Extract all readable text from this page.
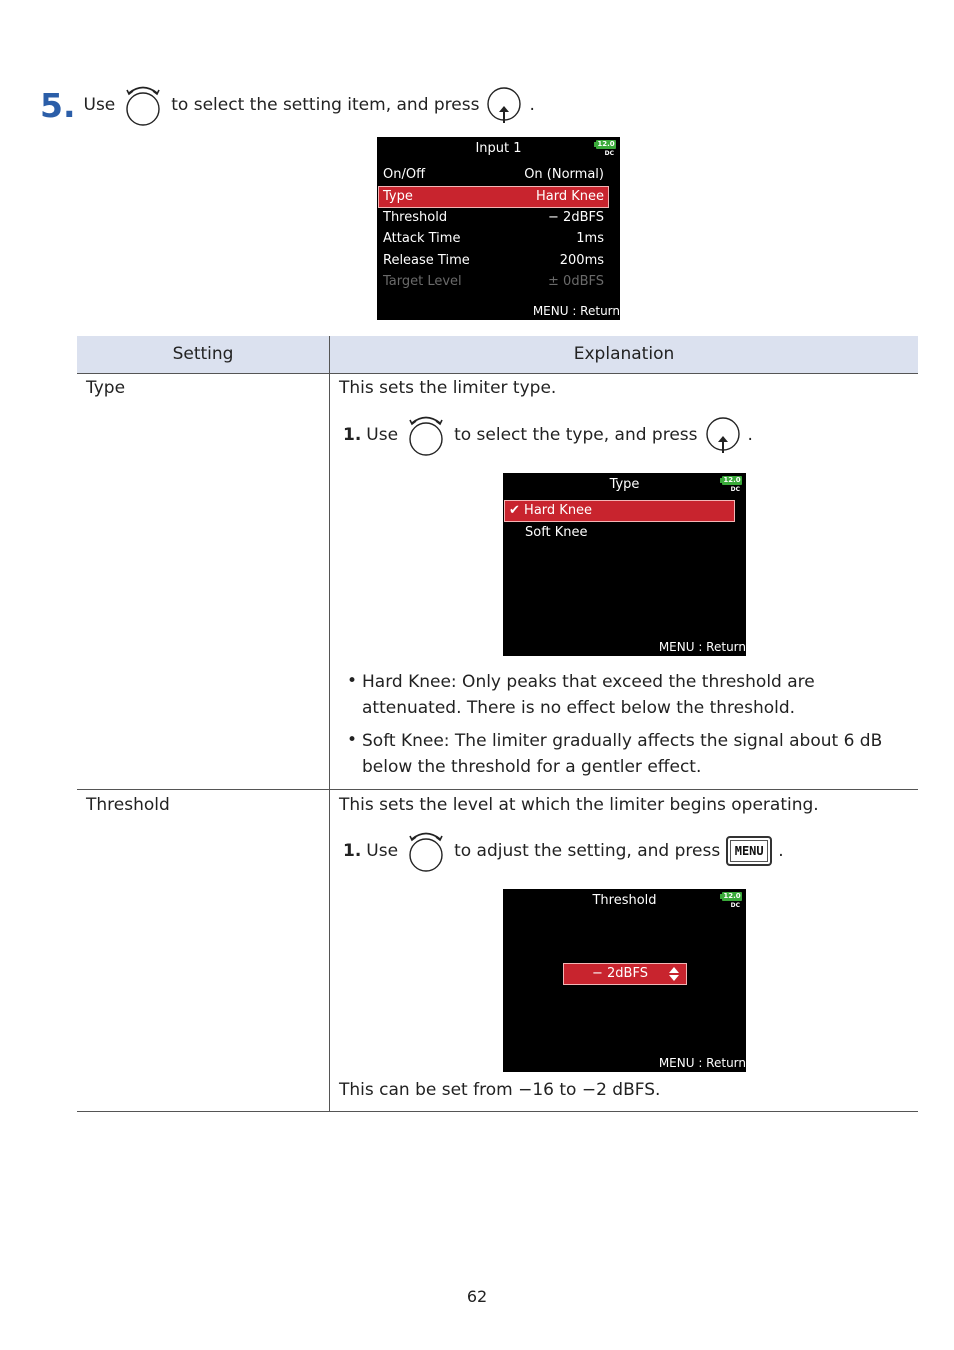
5. Use	to select the setting item, and press	.
Input 1	12.0
DC
On/Off	On (Normal)
Type	Hard Knee
Threshold	− 2dBFS
Attack Time	1ms
Release Time	200ms
Target Level	± 0dBFS
MENU : Return
Setting	Explanation
Type	This sets the limiter type.
1. Use	to select the type, and press	.
Type	12.0
DC
✔ Hard Knee
Soft Knee
MENU : Return
• Hard Knee: Only peaks that exceed the threshold are attenuated. There is no effect below the threshold.
• Soft Knee: The limiter gradually affects the signal about 6 dB below the threshold for a gentler effect.
Threshold	This sets the level at which the limiter begins operating.
1. Use	to adjust the setting, and press	MENU .
Threshold	12.0
DC
− 2dBFS
MENU : Return
This can be set from −16 to −2 dBFS.
62
